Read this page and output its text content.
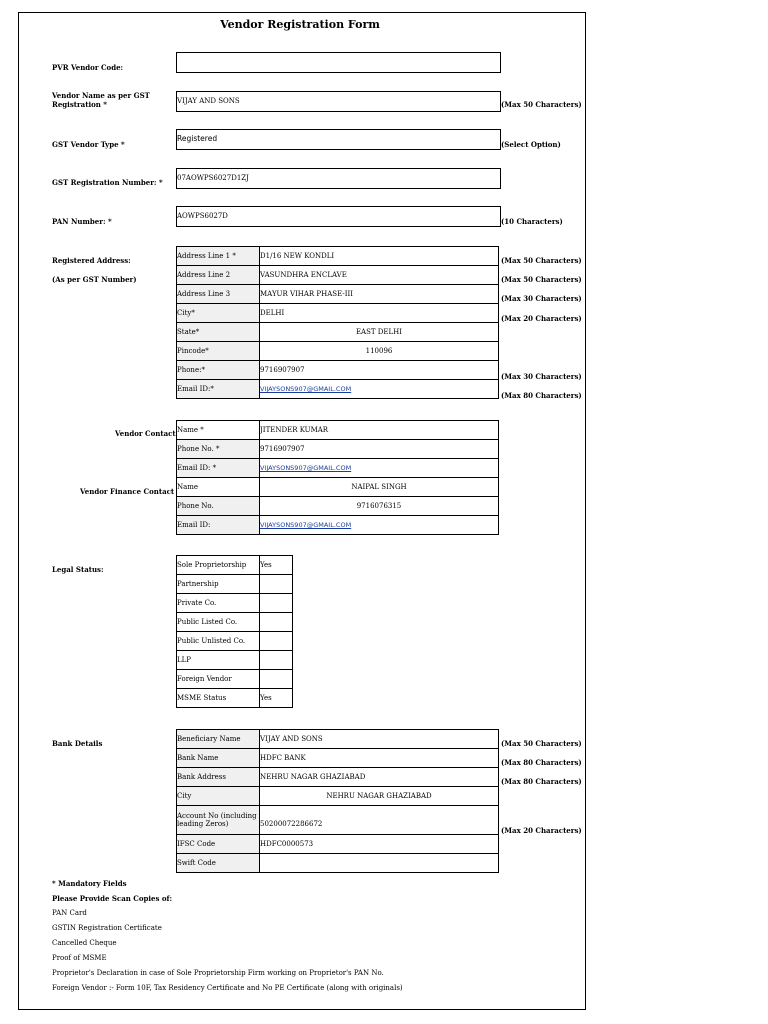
Vendor Registration Form
PVR Vendor Code:
Vendor Name as per GST
Registration *	VIJAY AND SONS	(Max 50 Characters)
GST Vendor Type *
Registered
(Select Option)
GST Registration Number: * 07AOWPS6027D1ZJ
PAN Number: *
AOWPS6027D
(10 Characters)
Registered Address:
(As per GST Number)
Address Line 1 *	D1/16 NEW KONDLI
Address Line 2	VASUNDHRA ENCLAVE
Address Line 3	MAYUR VIHAR PHASE-III
City*	DELHI
State*	EAST DELHI
Pincode*	110096
Phone:*	9716907907
Email ID:*	VIJAYSONS907@GMAIL.COM
(Max 50 Characters)
(Max 50 Characters)
(Max 30 Characters)
(Max 20 Characters)
(Max 30 Characters)
(Max 80 Characters)
Vendor Contact
Vendor Finance Contact
Name *	JITENDER KUMAR
Phone No. *	9716907907
Email ID: *	VIJAYSONS907@GMAIL.COM
Name	NAIPAL SINGH
Phone No.	9716076315
Email ID:	VIJAYSONS907@GMAIL.COM
Legal Status:	Sole Proprietorship	Yes
Partnership	
Private Co.	
Public Listed Co.	
Public Unlisted Co.	
LLP	
Foreign Vendor	
MSME Status	Yes
Bank Details	Beneficiary Name	VIJAY AND SONS
Bank Name	HDFC BANK
Bank Address	NEHRU NAGAR GHAZIABAD
City	NEHRU NAGAR GHAZIABAD
Account No (including leading Zeros)	50200072286672
IFSC Code	HDFC0000573
Swift Code	
(Max 50 Characters)
(Max 80 Characters)
(Max 80 Characters)
(Max 20 Characters)
* Mandatory Fields
Please Provide Scan Copies of:
PAN Card
GSTIN Registration Certificate
Cancelled Cheque
Proof of MSME
Proprietor's Declaration in case of Sole Proprietorship Firm working on Proprietor's PAN No.
Foreign Vendor :- Form 10F, Tax Residency Certificate and No PE Certificate (along with originals)
